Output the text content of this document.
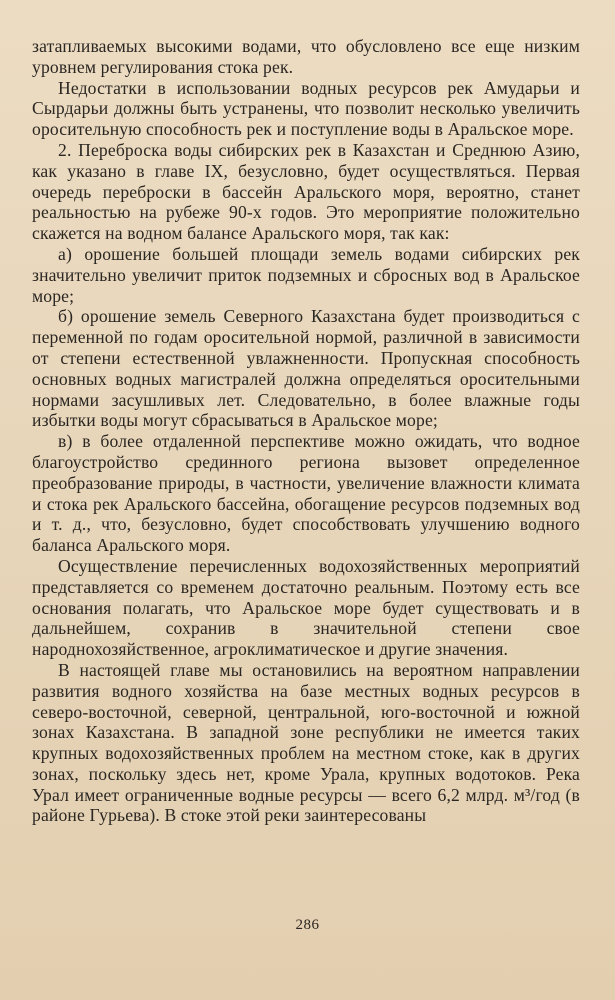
затапливаемых высокими водами, что обусловлено все еще низким уровнем регулирования стока рек.

Недостатки в использовании водных ресурсов рек Амударьи и Сырдарьи должны быть устранены, что позволит несколько увеличить оросительную способность рек и поступление воды в Аральское море.

2. Переброска воды сибирских рек в Казахстан и Среднюю Азию, как указано в главе IX, безусловно, будет осуществляться. Первая очередь переброски в бассейн Аральского моря, вероятно, станет реальностью на рубеже 90-х годов. Это мероприятие положительно скажется на водном балансе Аральского моря, так как:

а) орошение большей площади земель водами сибирских рек значительно увеличит приток подземных и сбросных вод в Аральское море;

б) орошение земель Северного Казахстана будет производиться с переменной по годам оросительной нормой, различной в зависимости от степени естественной увлажненности. Пропускная способность основных водных магистралей должна определяться оросительными нормами засушливых лет. Следовательно, в более влажные годы избытки воды могут сбрасываться в Аральское море;

в) в более отдаленной перспективе можно ожидать, что водное благоустройство срединного региона вызовет определенное преобразование природы, в частности, увеличение влажности климата и стока рек Аральского бассейна, обогащение ресурсов подземных вод и т. д., что, безусловно, будет способствовать улучшению водного баланса Аральского моря.

Осуществление перечисленных водохозяйственных мероприятий представляется со временем достаточно реальным. Поэтому есть все основания полагать, что Аральское море будет существовать и в дальнейшем, сохранив в значительной степени свое народнохозяйственное, агроклиматическое и другие значения.

В настоящей главе мы остановились на вероятном направлении развития водного хозяйства на базе местных водных ресурсов в северо-восточной, северной, центральной, юго-восточной и южной зонах Казахстана. В западной зоне республики не имеется таких крупных водохозяйственных проблем на местном стоке, как в других зонах, поскольку здесь нет, кроме Урала, крупных водотоков. Река Урал имеет ограниченные водные ресурсы — всего 6,2 млрд. м³/год (в районе Гурьева). В стоке этой реки заинтересованы

286
